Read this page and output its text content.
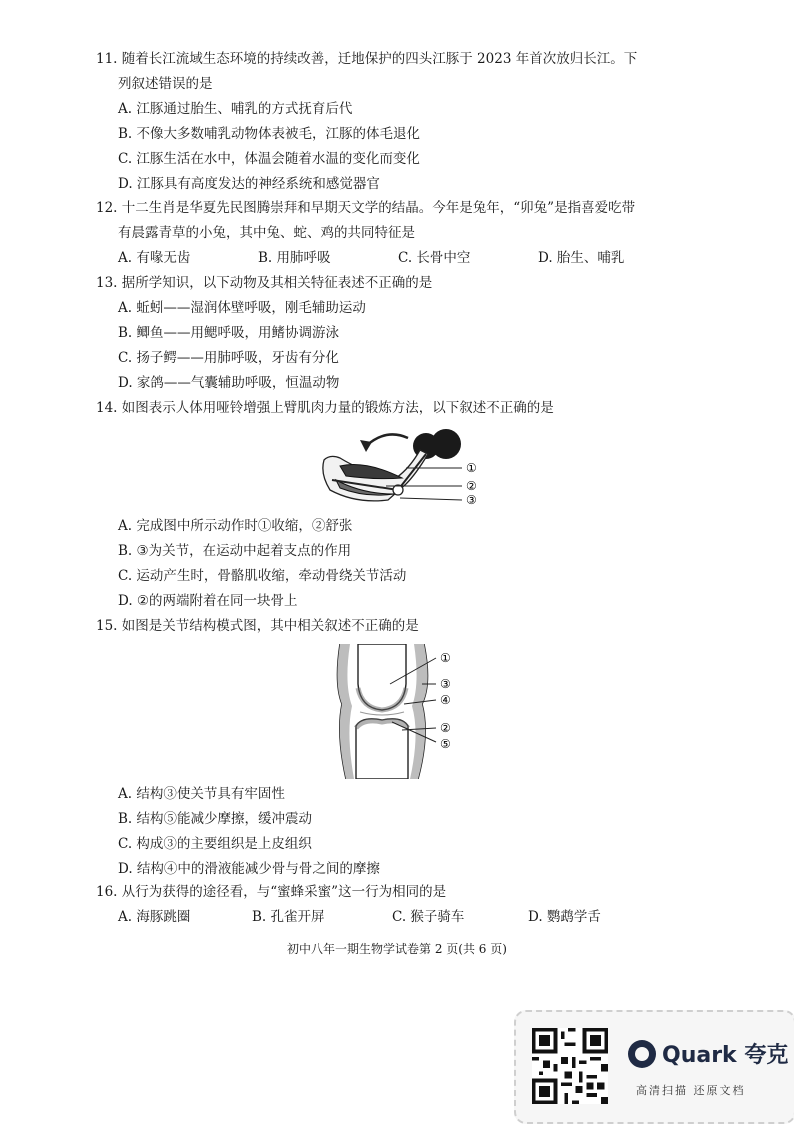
11. 随着长江流域生态环境的持续改善，迁地保护的四头江豚于 2023 年首次放归长江。下
列叙述错误的是
A. 江豚通过胎生、哺乳的方式抚育后代
B. 不像大多数哺乳动物体表被毛，江豚的体毛退化
C. 江豚生活在水中，体温会随着水温的变化而变化
D. 江豚具有高度发达的神经系统和感觉器官
12. 十二生肖是华夏先民图腾崇拜和早期天文学的结晶。今年是兔年，“卯兔”是指喜爱吃带
有晨露青草的小兔，其中兔、蛇、鸡的共同特征是
A. 有喙无齿	B. 用肺呼吸	C. 长骨中空	D. 胎生、哺乳
13. 据所学知识，以下动物及其相关特征表述不正确的是
A. 蚯蚓——湿润体壁呼吸，刚毛辅助运动
B. 鲫鱼——用鳃呼吸，用鳍协调游泳
C. 扬子鳄——用肺呼吸，牙齿有分化
D. 家鸽——气囊辅助呼吸，恒温动物
14. 如图表示人体用哑铃增强上臂肌肉力量的锻炼方法，以下叙述不正确的是
①
②
③
A. 完成图中所示动作时①收缩，②舒张
B. ③为关节，在运动中起着支点的作用
C. 运动产生时，骨骼肌收缩，牵动骨绕关节活动
D. ②的两端附着在同一块骨上
15. 如图是关节结构模式图，其中相关叙述不正确的是
①
③
④
②
⑤
A. 结构③使关节具有牢固性
B. 结构⑤能减少摩擦，缓冲震动
C. 构成③的主要组织是上皮组织
D. 结构④中的滑液能减少骨与骨之间的摩擦
16. 从行为获得的途径看，与“蜜蜂采蜜”这一行为相同的是
A. 海豚跳圈	B. 孔雀开屏	C. 猴子骑车	D. 鹦鹉学舌
初中八年一期生物学试卷第 2 页(共 6 页)
Quark 夸克
高清扫描 还原文档
